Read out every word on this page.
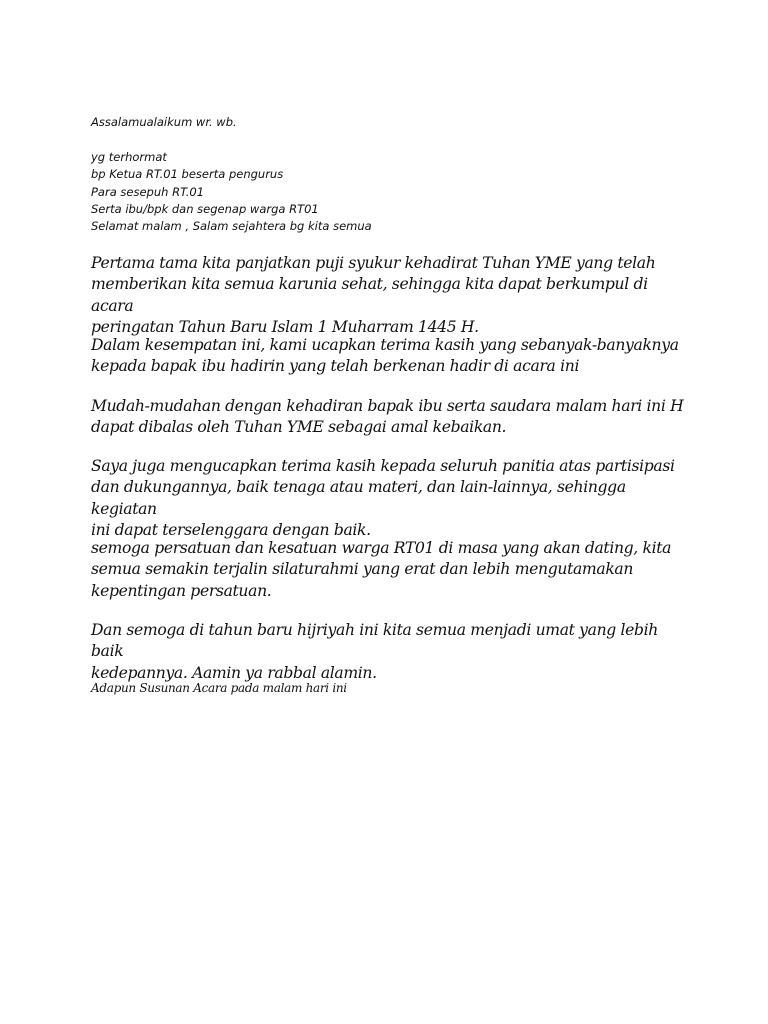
Assalamualaikum wr. wb.

yg terhormat
bp Ketua RT.01 beserta pengurus
Para sesepuh RT.01
Serta ibu/bpk dan segenap warga RT01
Selamat malam , Salam sejahtera bg kita semua

Pertama tama kita panjatkan puji syukur kehadirat Tuhan YME yang telah
memberikan kita semua karunia sehat, sehingga kita dapat berkumpul di acara
peringatan Tahun Baru Islam 1 Muharram 1445 H.

Dalam kesempatan ini, kami ucapkan terima kasih yang sebanyak-banyaknya
kepada bapak ibu hadirin yang telah berkenan hadir di acara ini

Mudah-mudahan dengan kehadiran bapak ibu serta saudara malam hari ini H
dapat dibalas oleh Tuhan YME sebagai amal kebaikan.

Saya juga mengucapkan terima kasih kepada seluruh panitia atas partisipasi
dan dukungannya, baik tenaga atau materi, dan lain-lainnya, sehingga kegiatan
ini dapat terselenggara dengan baik.

semoga persatuan dan kesatuan warga RT01 di masa yang akan dating, kita
semua semakin terjalin silaturahmi yang erat dan lebih mengutamakan
kepentingan persatuan.

Dan semoga di tahun baru hijriyah ini kita semua menjadi umat yang lebih baik
kedepannya. Aamin ya rabbal alamin.

Adapun Susunan Acara pada malam hari ini
